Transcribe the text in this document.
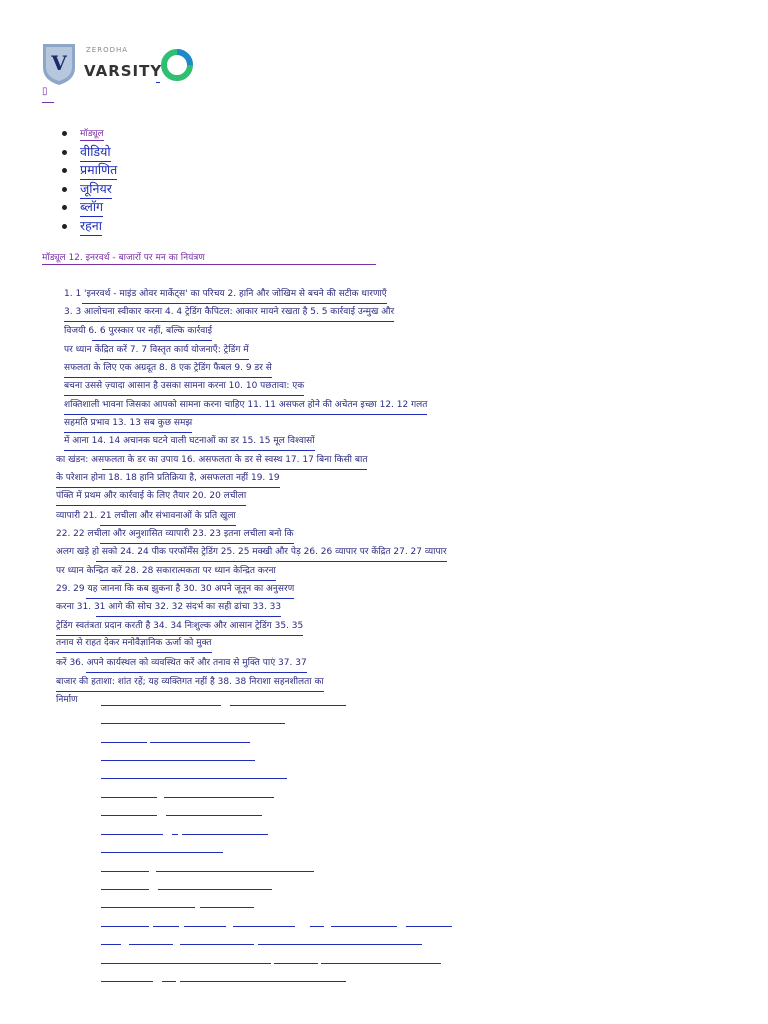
V
ZERODHA
VARSITY
▯
मॉड्यूल
वीडियो
प्रमाणित
जूनियर
ब्लॉग
रहना
मॉड्यूल 12. इनरवर्थ - बाजारों पर मन का नियंत्रण
1. 1 'इनरवर्थ - माइंड ओवर मार्केट्स' का परिचय 2. हानि और जोखिम से बचने की सटीक धारणाएँ
3. 3 आलोचना स्वीकार करना 4. 4 ट्रेडिंग कैपिटल: आकार मायने रखता है 5. 5 कार्रवाई उन्मुख और
विजयी 6. 6 पुरस्कार पर नहीं, बल्कि कार्रवाई
पर ध्यान केंद्रित करें 7. 7 विस्तृत कार्य योजनाएँ: ट्रेडिंग में
सफलता के लिए एक अग्रदूत 8. 8 एक ट्रेडिंग फैबल 9. 9 डर से
बचना उससे ज़्यादा आसान है उसका सामना करना 10. 10 पछतावा: एक
शक्तिशाली भावना जिसका आपको सामना करना चाहिए 11. 11 असफल होने की अचेतन इच्छा 12. 12 गलत
सहमति प्रभाव 13. 13 सब कुछ समझ
में आना 14. 14 अचानक घटने वाली घटनाओं का डर 15. 15 मूल विश्वासों
का खंडन: असफलता के डर का उपाय 16. असफलता के डर से स्वस्थ 17. 17 बिना किसी बात
के परेशान होना 18. 18 हानि प्रतिक्रिया है, असफलता नहीं 19. 19
पंक्ति में प्रथम और कार्रवाई के लिए तैयार 20. 20 लचीला
व्यापारी 21. 21 लचीला और संभावनाओं के प्रति खुला
22. 22 लचीला और अनुशासित व्यापारी 23. 23 इतना लचीला बनो कि
अलग खड़े हो सको 24. 24 पीक परफॉर्मेंस ट्रेडिंग 25. 25 मक्खी और पेड़ 26. 26 व्यापार पर केंद्रित 27. 27 व्यापार
पर ध्यान केन्द्रित करें 28. 28 सकारात्मकता पर ध्यान केन्द्रित करना
29. 29 यह जानना कि कब झुकना है 30. 30 अपने जूनून का अनुसरण
करना 31. 31 आगे की सोच 32. 32 संदर्भ का सही ढांचा 33. 33
ट्रेडिंग स्वतंत्रता प्रदान करती है 34. 34 निःशुल्क और आसान ट्रेडिंग 35. 35
तनाव से राहत देकर मनोवैज्ञानिक ऊर्जा को मुक्त
करें 36. अपने कार्यस्थल को व्यवस्थित करें और तनाव से मुक्ति पाएं 37. 37
बाजार की हताशा: शांत रहें; यह व्यक्तिगत नहीं है 38. 38 निराशा सहनशीलता का
निर्माण
